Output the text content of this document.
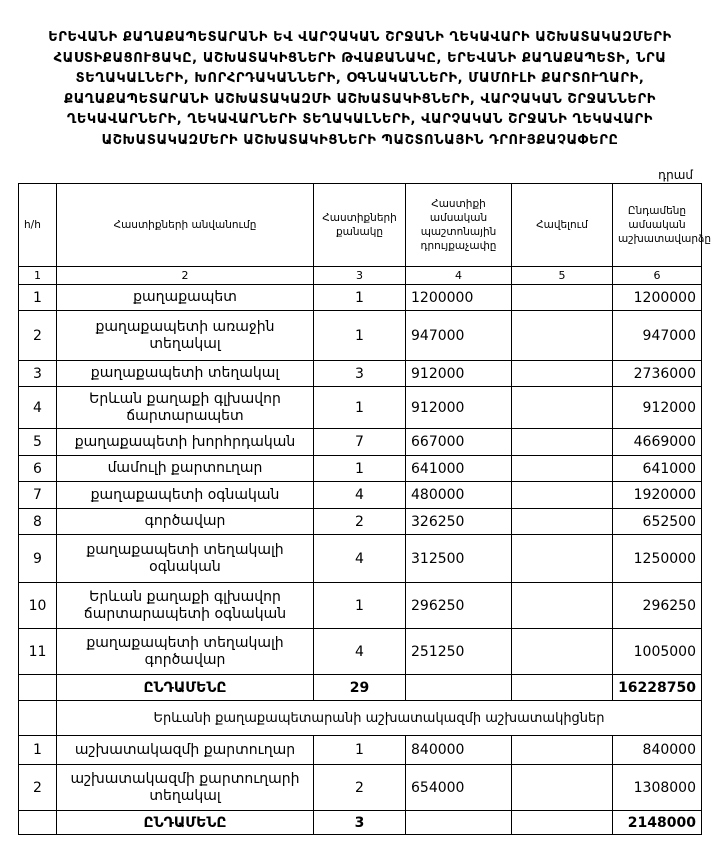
ԵՐԵՎԱՆԻ ՔԱՂԱՔԱՊԵՏԱՐԱՆԻ ԵՎ ՎԱՐՉԱԿԱՆ ՇՐՋԱՆԻ ՂԵԿԱՎԱՐԻ ԱՇԽԱՏԱԿԱԶՄԵՐԻ
ՀԱՍՏԻՔԱՑՈՒՑԱԿԸ, ԱՇԽԱՏԱԿԻՑՆԵՐԻ ԹՎԱՔԱՆԱԿԸ, ԵՐԵՎԱՆԻ ՔԱՂԱՔԱՊԵՏԻ, ՆՐԱ
ՏԵՂԱԿԱԼՆԵՐԻ, ԽՈՐՀՐԴԱԿԱՆՆԵՐԻ, ՕԳՆԱԿԱՆՆԵՐԻ, ՄԱՄՈՒԼԻ ՔԱՐՏՈՒՂԱՐԻ,
ՔԱՂԱՔԱՊԵՏԱՐԱՆԻ ԱՇԽԱՏԱԿԱԶՄԻ ԱՇԽԱՏԱԿԻՑՆԵՐԻ, ՎԱՐՉԱԿԱՆ ՇՐՋԱՆՆԵՐԻ
ՂԵԿԱՎԱՐՆԵՐԻ, ՂԵԿԱՎԱՐՆԵՐԻ ՏԵՂԱԿԱԼՆԵՐԻ, ՎԱՐՉԱԿԱՆ ՇՐՋԱՆԻ ՂԵԿԱՎԱՐԻ
ԱՇԽԱՏԱԿԱԶՄԵՐԻ ԱՇԽԱՏԱԿԻՑՆԵՐԻ ՊԱՇՏՈՆԱՅԻՆ ԴՐՈՒՅՔԱՉԱՓԵՐԸ
դրամ
հ/հ	Հաստիքների անվանումը	Հաստիքների քանակը	Հաստիքի ամսական պաշտոնային դրույքաչափը	Հավելում	Ընդամենը ամսական աշխատավարձը
1	2	3	4	5	6
1	քաղաքապետ	1	1200000		1200000
2	քաղաքապետի առաջին տեղակալ	1	947000		947000
3	քաղաքապետի տեղակալ	3	912000		2736000
4	Երևան քաղաքի գլխավոր ճարտարապետ	1	912000		912000
5	քաղաքապետի խորհրդական	7	667000		4669000
6	մամուլի քարտուղար	1	641000		641000
7	քաղաքապետի օգնական	4	480000		1920000
8	գործավար	2	326250		652500
9	քաղաքապետի տեղակալի օգնական	4	312500		1250000
10	Երևան քաղաքի գլխավոր ճարտարապետի օգնական	1	296250		296250
11	քաղաքապետի տեղակալի գործավար	4	251250		1005000
	ԸՆԴԱՄԵՆԸ	29			16228750
	Երևանի քաղաքապետարանի աշխատակազմի աշխատակիցներ				
1	աշխատակազմի քարտուղար	1	840000		840000
2	աշխատակազմի քարտուղարի տեղակալ	2	654000		1308000
	ԸՆԴԱՄԵՆԸ	3			2148000
